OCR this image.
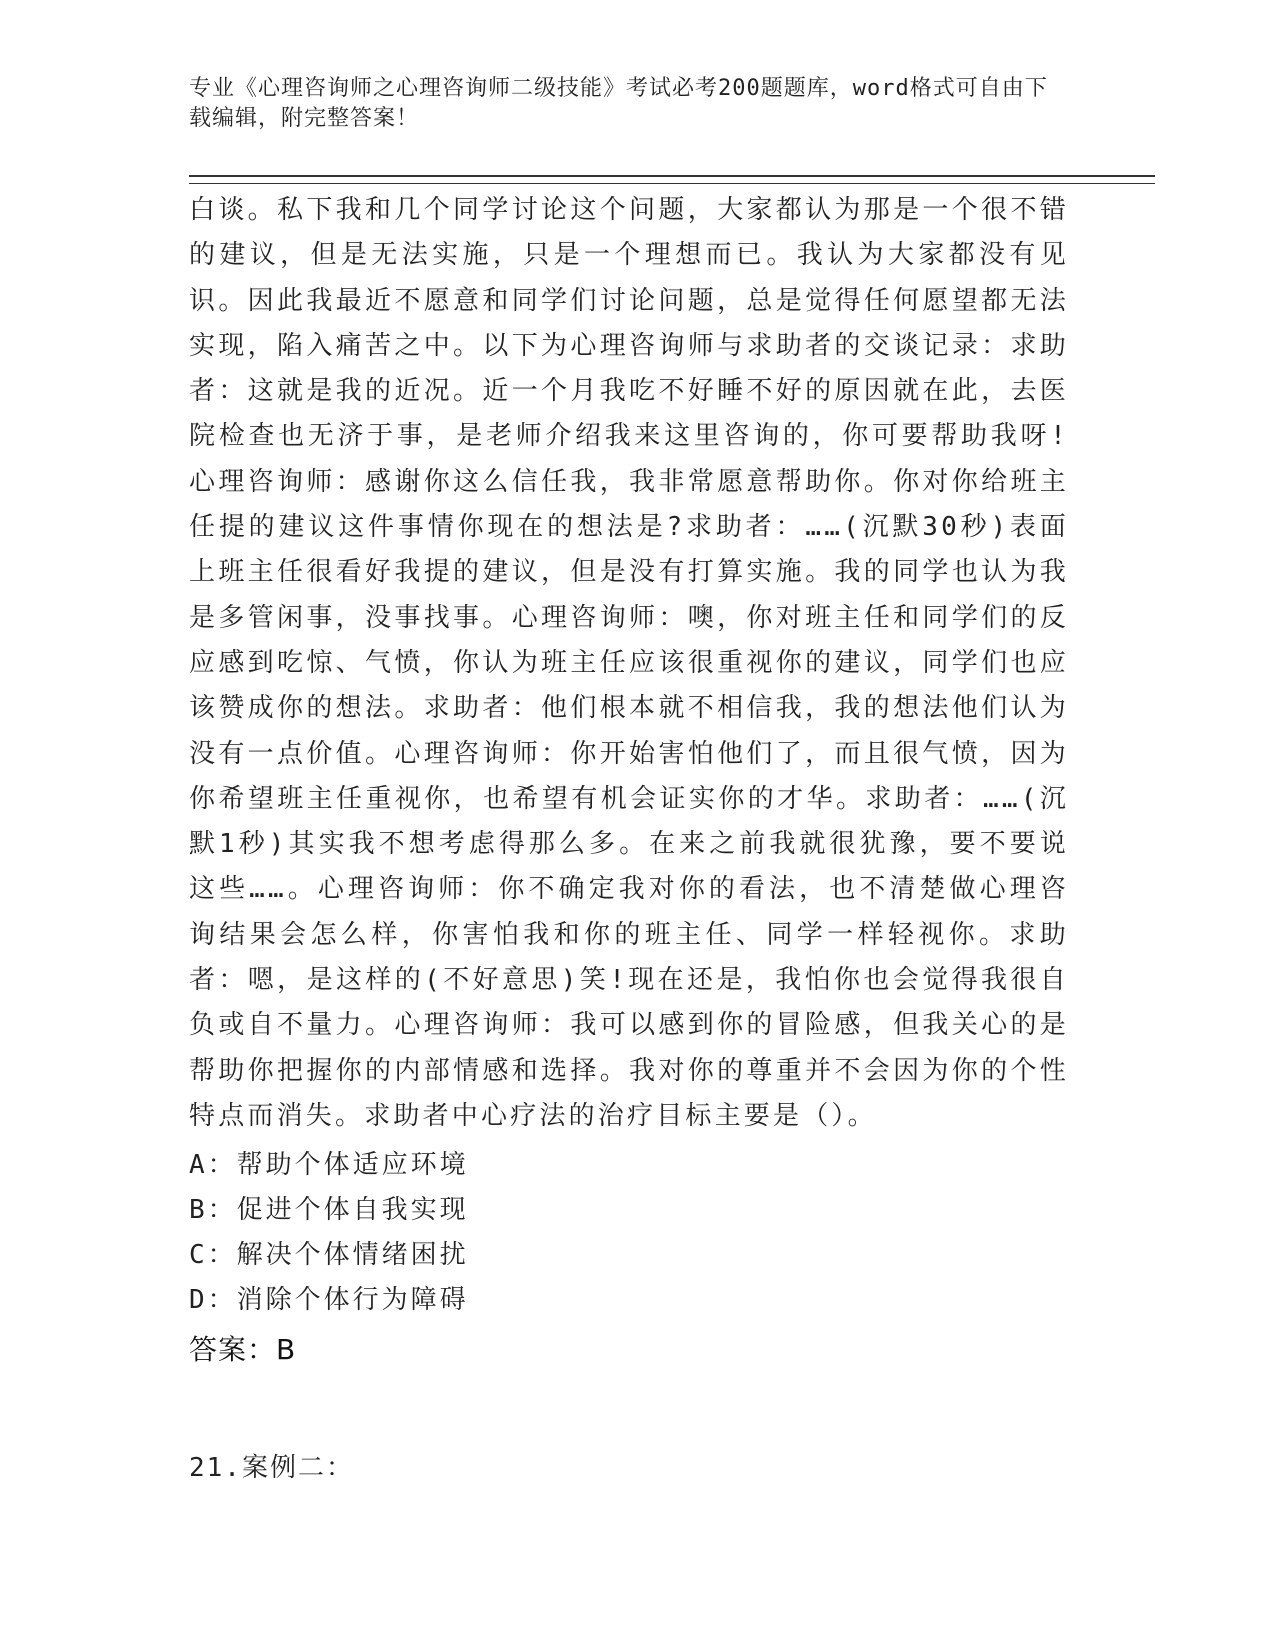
专业《心理咨询师之心理咨询师二级技能》考试必考200题题库，word格式可自由下载编辑，附完整答案！
白谈。私下我和几个同学讨论这个问题，大家都认为那是一个很不错的建议，但是无法实施，只是一个理想而已。我认为大家都没有见识。因此我最近不愿意和同学们讨论问题，总是觉得任何愿望都无法实现，陷入痛苦之中。以下为心理咨询师与求助者的交谈记录：求助者：这就是我的近况。近一个月我吃不好睡不好的原因就在此，去医院检查也无济于事，是老师介绍我来这里咨询的，你可要帮助我呀!心理咨询师：感谢你这么信任我，我非常愿意帮助你。你对你给班主任提的建议这件事情你现在的想法是?求助者：……(沉默30秒)表面上班主任很看好我提的建议，但是没有打算实施。我的同学也认为我是多管闲事，没事找事。心理咨询师：噢，你对班主任和同学们的反应感到吃惊、气愤，你认为班主任应该很重视你的建议，同学们也应该赞成你的想法。求助者：他们根本就不相信我，我的想法他们认为没有一点价值。心理咨询师：你开始害怕他们了，而且很气愤，因为你希望班主任重视你，也希望有机会证实你的才华。求助者：……(沉默1秒)其实我不想考虑得那么多。在来之前我就很犹豫，要不要说这些……。心理咨询师：你不确定我对你的看法，也不清楚做心理咨询结果会怎么样，你害怕我和你的班主任、同学一样轻视你。求助者：嗯，是这样的(不好意思)笑!现在还是，我怕你也会觉得我很自负或自不量力。心理咨询师：我可以感到你的冒险感，但我关心的是帮助你把握你的内部情感和选择。我对你的尊重并不会因为你的个性特点而消失。求助者中心疗法的治疗目标主要是（）。
A：帮助个体适应环境
B：促进个体自我实现
C：解决个体情绪困扰
D：消除个体行为障碍
答案：B
21.案例二：
